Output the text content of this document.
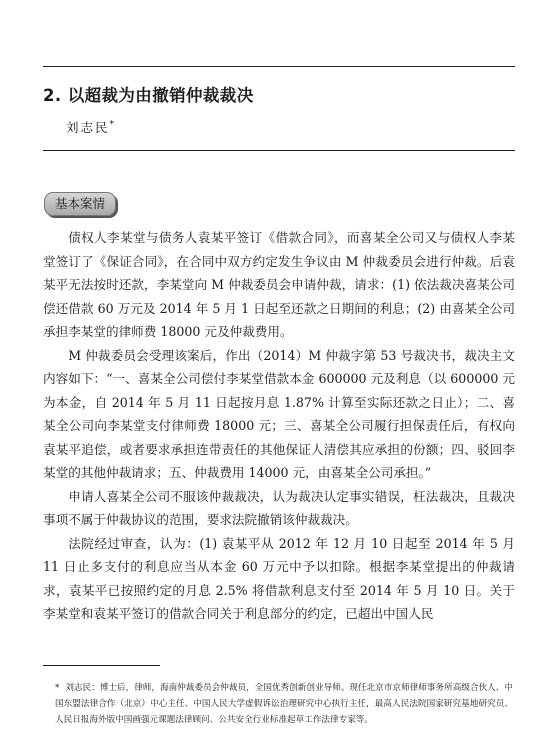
2. 以超裁为由撤销仲裁裁决
刘志民*
基本案情

债权人李某堂与债务人袁某平签订《借款合同》，而喜某全公司又与债权人李某堂签订了《保证合同》，在合同中双方约定发生争议由 M 仲裁委员会进行仲裁。后袁某平无法按时还款，李某堂向 M 仲裁委员会申请仲裁，请求：(1) 依法裁决喜某公司偿还借款 60 万元及 2014 年 5 月 1 日起至还款之日期间的利息；(2) 由喜某全公司承担李某堂的律师费 18000 元及仲裁费用。

M 仲裁委员会受理该案后，作出（2014）M 仲裁字第 53 号裁决书，裁决主文内容如下：“一、喜某全公司偿付李某堂借款本金 600000 元及利息（以 600000 元为本金，自 2014 年 5 月 11 日起按月息 1.87% 计算至实际还款之日止）；二、喜某全公司向李某堂支付律师费 18000 元；三、喜某全公司履行担保责任后，有权向袁某平追偿，或者要求承担连带责任的其他保证人清偿其应承担的份额；四、驳回李某堂的其他仲裁请求；五、仲裁费用 14000 元，由喜某全公司承担。”

申请人喜某全公司不服该仲裁裁决，认为裁决认定事实错误，枉法裁决，且裁决事项不属于仲裁协议的范围，要求法院撤销该仲裁裁决。

法院经过审查，认为：(1) 袁某平从 2012 年 12 月 10 日起至 2014 年 5 月 11 日止多支付的利息应当从本金 60 万元中予以扣除。根据李某堂提出的仲裁请求，袁某平已按照约定的月息 2.5% 将借款利息支付至 2014 年 5 月 10 日。关于李某堂和袁某平签订的借款合同关于利息部分的约定，已超出中国人民

* 刘志民：博士后，律师，海南仲裁委员会仲裁员，全国优秀创新创业导师。现任北京市京师律师事务所高级合伙人、中国东盟法律合作（北京）中心主任、中国人民大学虚假诉讼治理研究中心执行主任，最高人民法院国家研究基地研究员、人民日报海外版中国画强元课题法律顾问、公共安全行业标准起草工作法律专家等。
